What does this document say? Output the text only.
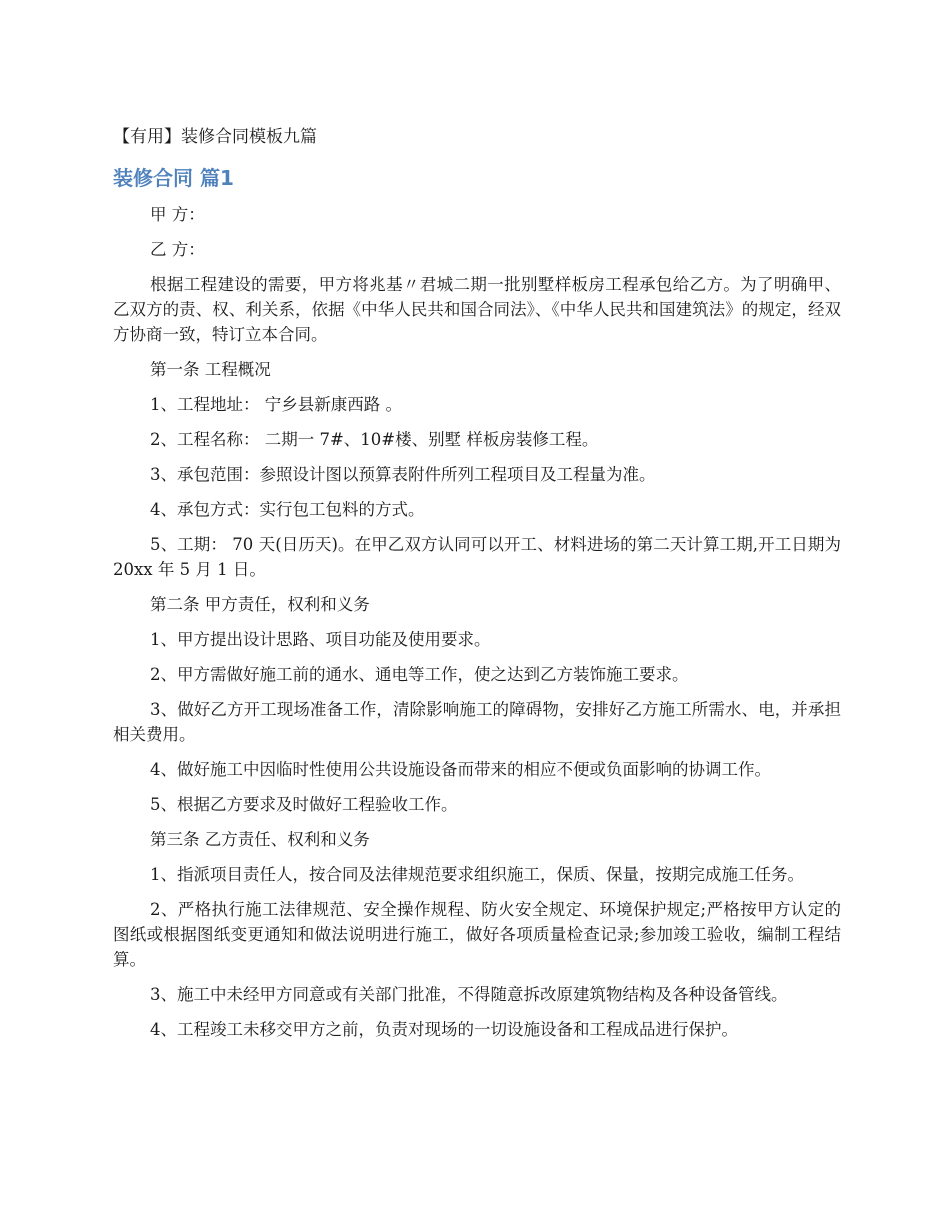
【有用】装修合同模板九篇
装修合同 篇1

甲 方：

乙 方：

根据工程建设的需要，甲方将兆基〃君城二期一批别墅样板房工程承包给乙方。为了明确甲、乙双方的责、权、利关系，依据《中华人民共和国合同法》、《中华人民共和国建筑法》的规定，经双方协商一致，特订立本合同。

第一条 工程概况

1、工程地址： 宁乡县新康西路 。

2、工程名称： 二期一 7#、10#楼、别墅 样板房装修工程。

3、承包范围：参照设计图以预算表附件所列工程项目及工程量为准。

4、承包方式：实行包工包料的方式。

5、工期： 70 天(日历天)。在甲乙双方认同可以开工、材料进场的第二天计算工期,开工日期为 20xx 年 5 月 1 日。

第二条 甲方责任，权利和义务

1、甲方提出设计思路、项目功能及使用要求。

2、甲方需做好施工前的通水、通电等工作，使之达到乙方装饰施工要求。

3、做好乙方开工现场准备工作，清除影响施工的障碍物，安排好乙方施工所需水、电，并承担相关费用。

4、做好施工中因临时性使用公共设施设备而带来的相应不便或负面影响的协调工作。

5、根据乙方要求及时做好工程验收工作。

第三条 乙方责任、权利和义务

1、指派项目责任人，按合同及法律规范要求组织施工，保质、保量，按期完成施工任务。

2、严格执行施工法律规范、安全操作规程、防火安全规定、环境保护规定;严格按甲方认定的图纸或根据图纸变更通知和做法说明进行施工，做好各项质量检查记录;参加竣工验收，编制工程结算。

3、施工中未经甲方同意或有关部门批准，不得随意拆改原建筑物结构及各种设备管线。

4、工程竣工未移交甲方之前，负责对现场的一切设施设备和工程成品进行保护。
